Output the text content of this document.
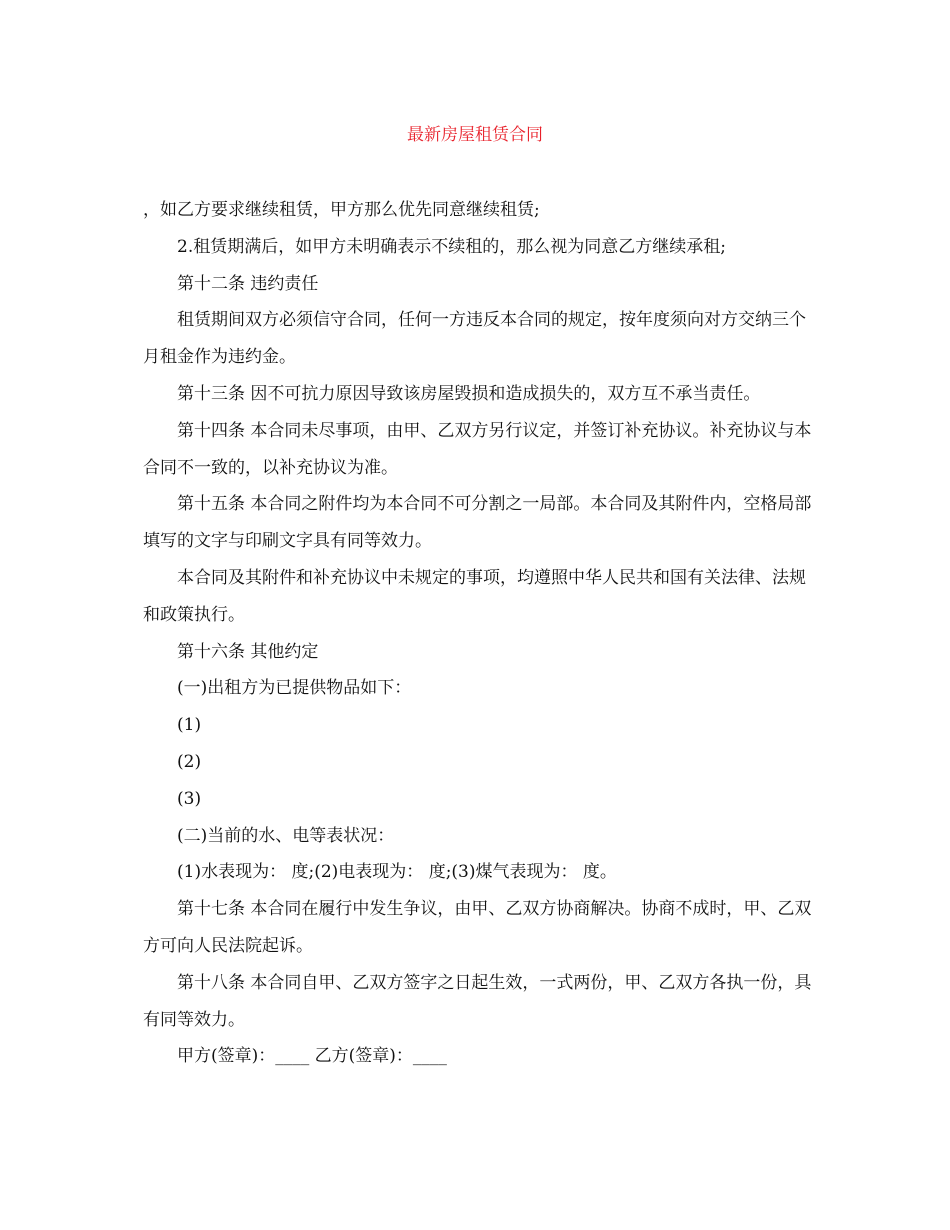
最新房屋租赁合同

，如乙方要求继续租赁，甲方那么优先同意继续租赁;

2.租赁期满后，如甲方未明确表示不续租的，那么视为同意乙方继续承租;

第十二条 违约责任

租赁期间双方必须信守合同，任何一方违反本合同的规定，按年度须向对方交纳三个月租金作为违约金。

第十三条 因不可抗力原因导致该房屋毁损和造成损失的，双方互不承当责任。

第十四条 本合同未尽事项，由甲、乙双方另行议定，并签订补充协议。补充协议与本合同不一致的，以补充协议为准。

第十五条 本合同之附件均为本合同不可分割之一局部。本合同及其附件内，空格局部填写的文字与印刷文字具有同等效力。

本合同及其附件和补充协议中未规定的事项，均遵照中华人民共和国有关法律、法规和政策执行。

第十六条 其他约定

(一)出租方为已提供物品如下：

(1)

(2)

(3)

(二)当前的水、电等表状况：

(1)水表现为： 度;(2)电表现为： 度;(3)煤气表现为： 度。

第十七条 本合同在履行中发生争议，由甲、乙双方协商解决。协商不成时，甲、乙双方可向人民法院起诉。

第十八条 本合同自甲、乙双方签字之日起生效，一式两份，甲、乙双方各执一份，具有同等效力。

甲方(签章)：____ 乙方(签章)：____
